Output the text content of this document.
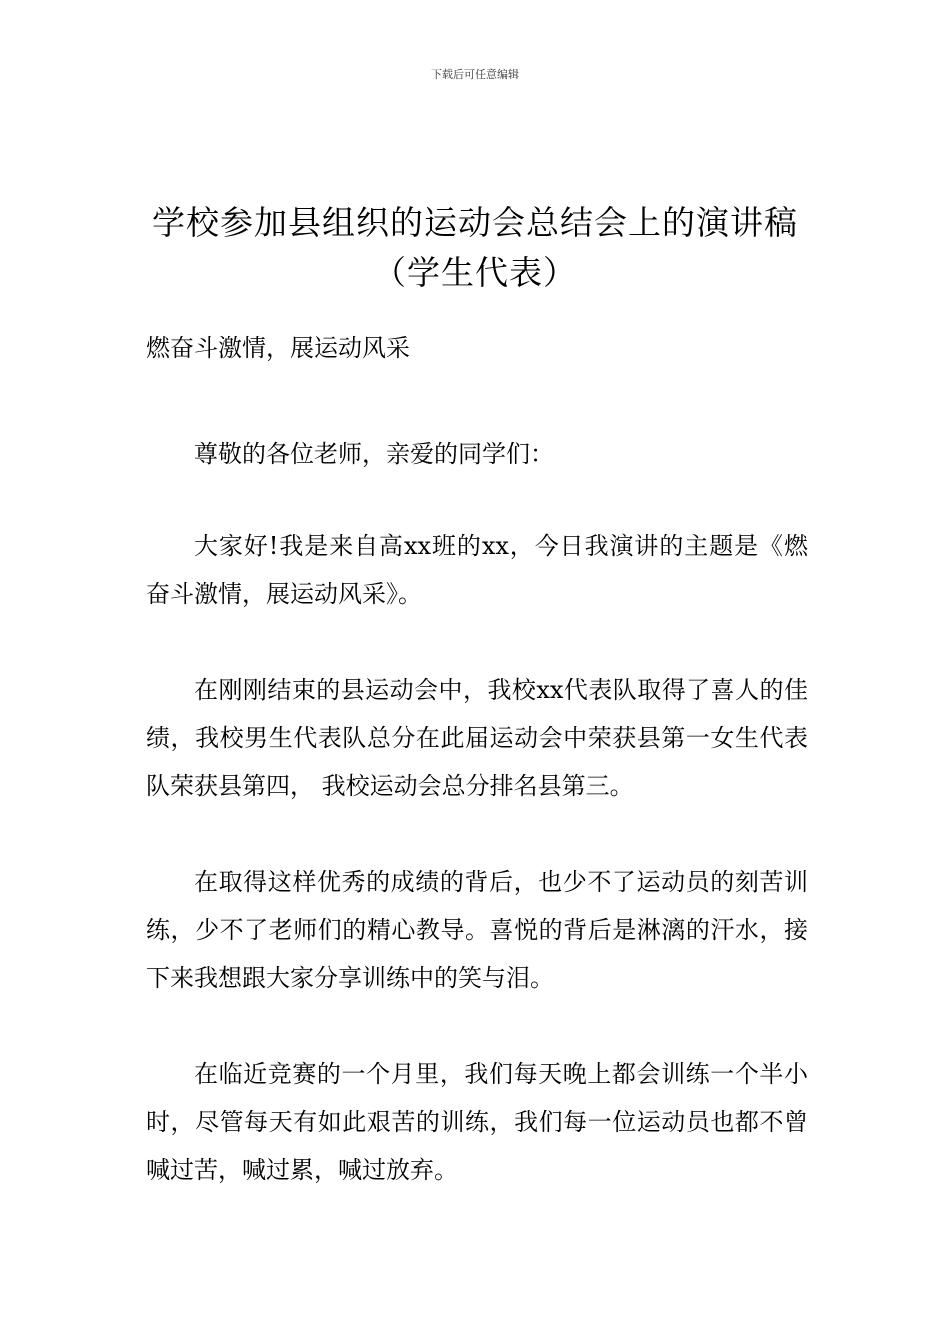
下载后可任意编辑
学校参加县组织的运动会总结会上的演讲稿（学生代表）
燃奋斗激情，展运动风采

尊敬的各位老师，亲爱的同学们：

大家好!我是来自高xx班的xx，今日我演讲的主题是《燃奋斗激情，展运动风采》。

在刚刚结束的县运动会中，我校xx代表队取得了喜人的佳绩，我校男生代表队总分在此届运动会中荣获县第一女生代表队荣获县第四， 我校运动会总分排名县第三。

在取得这样优秀的成绩的背后，也少不了运动员的刻苦训练，少不了老师们的精心教导。喜悦的背后是淋漓的汗水，接下来我想跟大家分享训练中的笑与泪。

在临近竞赛的一个月里，我们每天晚上都会训练一个半小时，尽管每天有如此艰苦的训练，我们每一位运动员也都不曾喊过苦，喊过累，喊过放弃。
